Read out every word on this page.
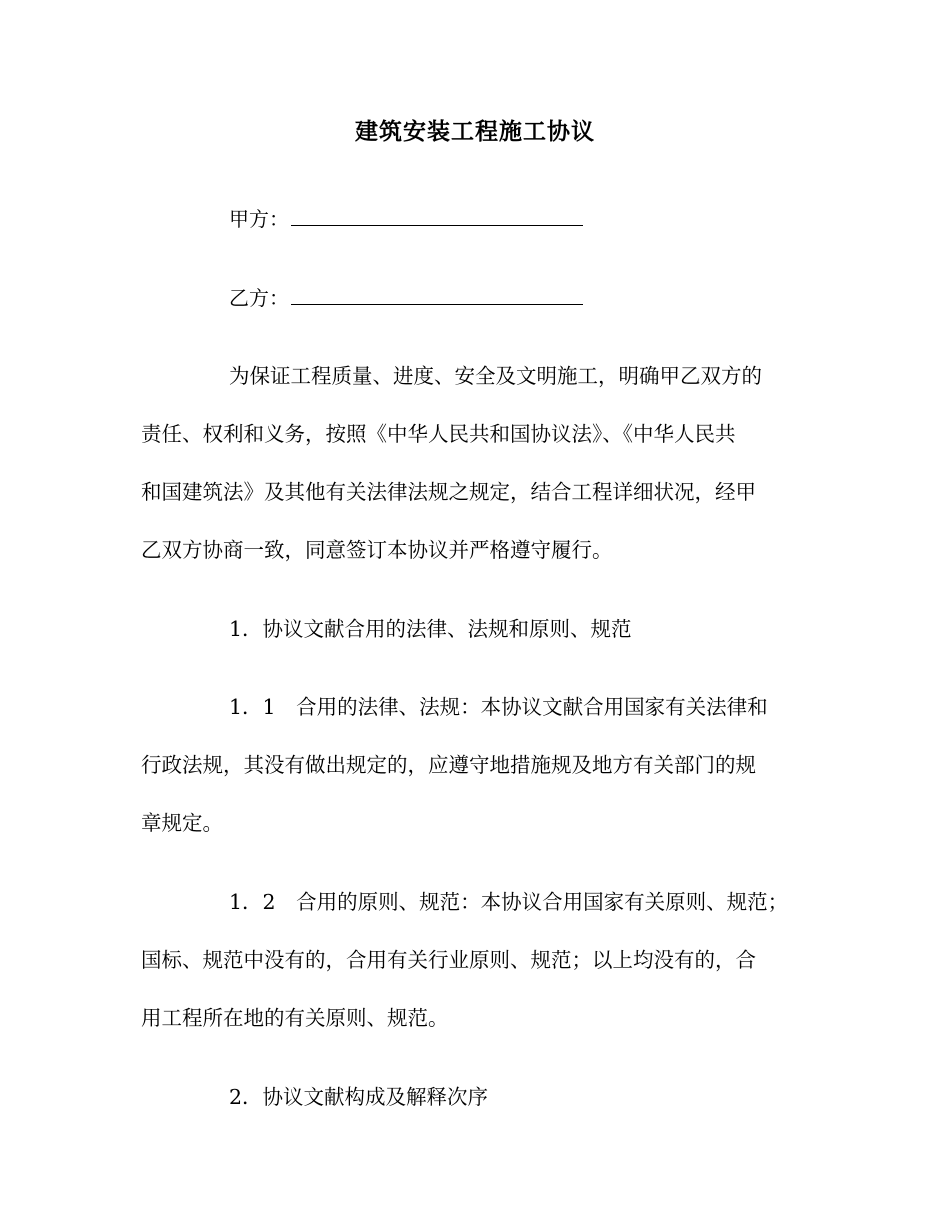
建筑安装工程施工协议
甲方：
乙方：
为保证工程质量、进度、安全及文明施工，明确甲乙双方的
责任、权利和义务，按照《中华人民共和国协议法》、《中华人民共
和国建筑法》及其他有关法律法规之规定，结合工程详细状况，经甲
乙双方协商一致，同意签订本协议并严格遵守履行。
1．协议文献合用的法律、法规和原则、规范
1．1　合用的法律、法规：本协议文献合用国家有关法律和
行政法规，其没有做出规定的，应遵守地措施规及地方有关部门的规
章规定。
1．2　合用的原则、规范：本协议合用国家有关原则、规范；
国标、规范中没有的，合用有关行业原则、规范；以上均没有的，合
用工程所在地的有关原则、规范。
2．协议文献构成及解释次序
